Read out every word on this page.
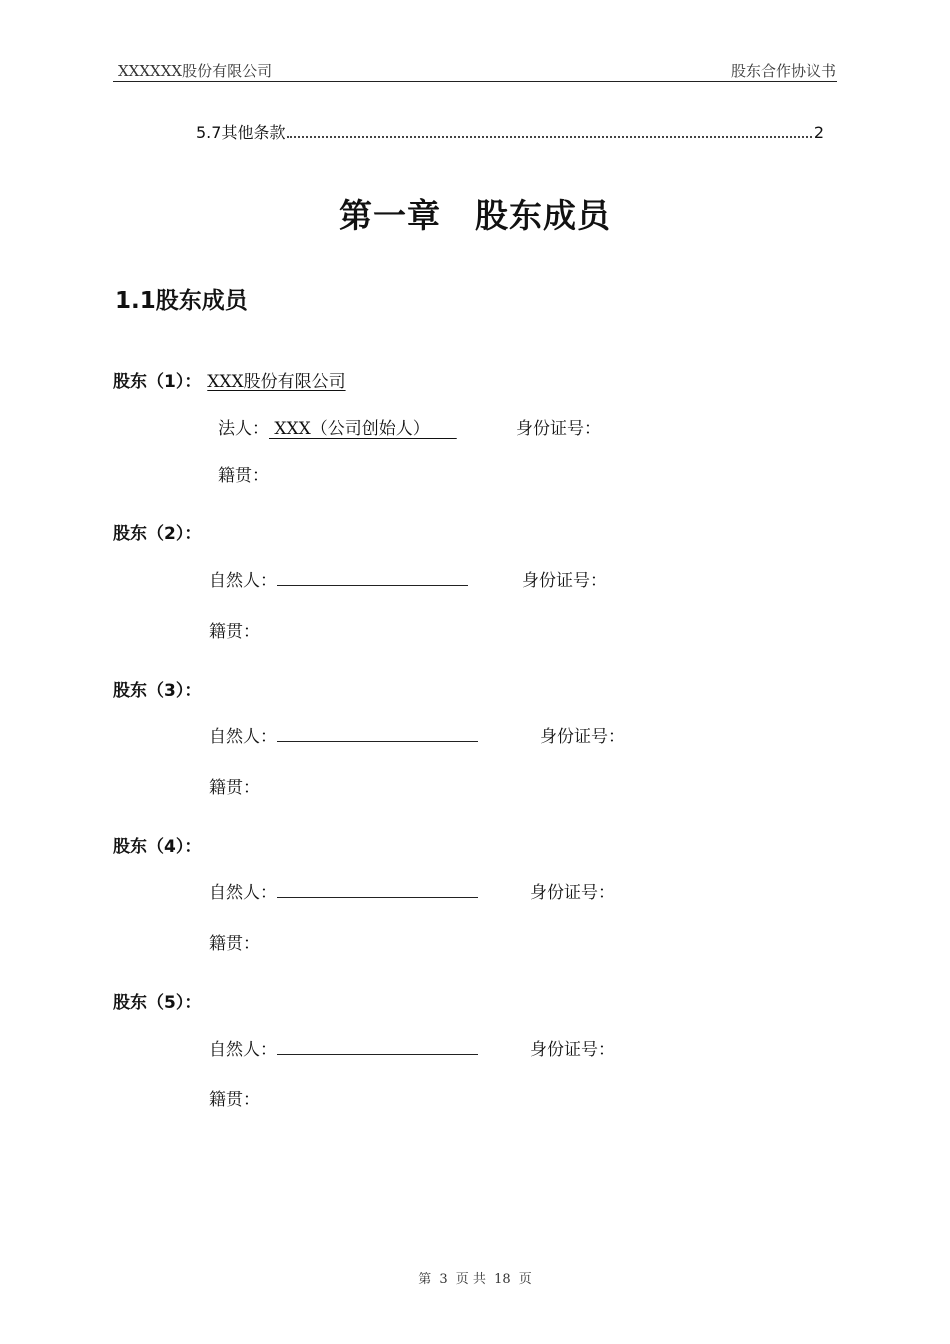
XXXXXX股份有限公司	股东合作协议书
5.7其他条款	2
第一章　股东成员
1.1股东成员
股东（1）： XXX股份有限公司
法人： XXX（公司创始人）	身份证号：
籍贯：
股东（2）：
自然人：	身份证号：
籍贯：
股东（3）：
自然人：	身份证号：
籍贯：
股东（4）：
自然人：	身份证号：
籍贯：
股东（5）：
自然人：	身份证号：
籍贯：
第 3 页 共 18 页
